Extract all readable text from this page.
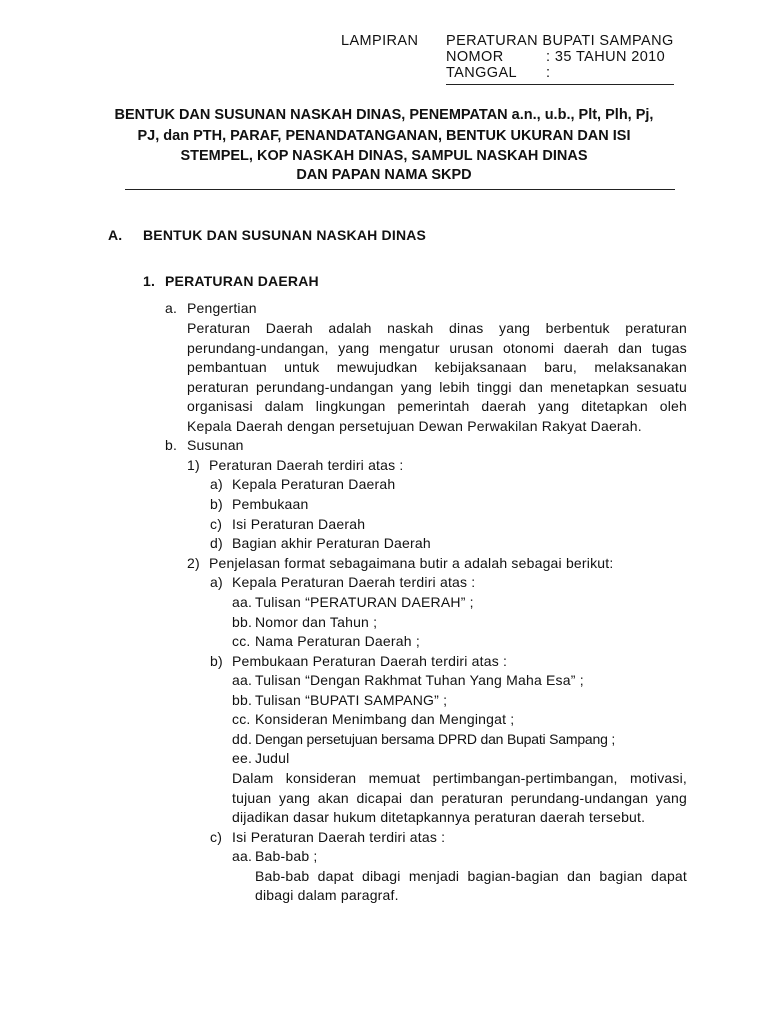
LAMPIRAN PERATURAN BUPATI SAMPANG
NOMOR	: 35 TAHUN 2010
TANGGAL :
BENTUK DAN SUSUNAN NASKAH DINAS, PENEMPATAN a.n., u.b., Plt, Plh, Pj,
PJ, dan PTH, PARAF, PENANDATANGANAN, BENTUK UKURAN DAN ISI
STEMPEL, KOP NASKAH DINAS, SAMPUL NASKAH DINAS
DAN PAPAN NAMA SKPD
A. BENTUK DAN SUSUNAN NASKAH DINAS
1. PERATURAN DAERAH
a. Pengertian
Peraturan Daerah adalah naskah dinas yang berbentuk peraturan
perundang-undangan, yang mengatur urusan otonomi daerah dan tugas
pembantuan untuk mewujudkan kebijaksanaan baru, melaksanakan
peraturan perundang-undangan yang lebih tinggi dan menetapkan sesuatu
organisasi dalam lingkungan pemerintah daerah yang ditetapkan oleh
Kepala Daerah dengan persetujuan Dewan Perwakilan Rakyat Daerah.
b. Susunan
1) Peraturan Daerah terdiri atas :
a) Kepala Peraturan Daerah
b) Pembukaan
c) Isi Peraturan Daerah
d) Bagian akhir Peraturan Daerah
2) Penjelasan format sebagaimana butir a adalah sebagai berikut:
a) Kepala Peraturan Daerah terdiri atas :
aa. Tulisan “PERATURAN DAERAH” ;
bb. Nomor dan Tahun ;
cc. Nama Peraturan Daerah ;
b) Pembukaan Peraturan Daerah terdiri atas :
aa. Tulisan “Dengan Rakhmat Tuhan Yang Maha Esa” ;
bb. Tulisan “BUPATI SAMPANG” ;
cc. Konsideran Menimbang dan Mengingat ;
dd. Dengan persetujuan bersama DPRD dan Bupati Sampang ;
ee. Judul
Dalam konsideran memuat pertimbangan-pertimbangan, motivasi,
tujuan yang akan dicapai dan peraturan perundang-undangan yang
dijadikan dasar hukum ditetapkannya peraturan daerah tersebut.
c) Isi Peraturan Daerah terdiri atas :
aa. Bab-bab ;
Bab-bab dapat dibagi menjadi bagian-bagian dan bagian dapat
dibagi dalam paragraf.
